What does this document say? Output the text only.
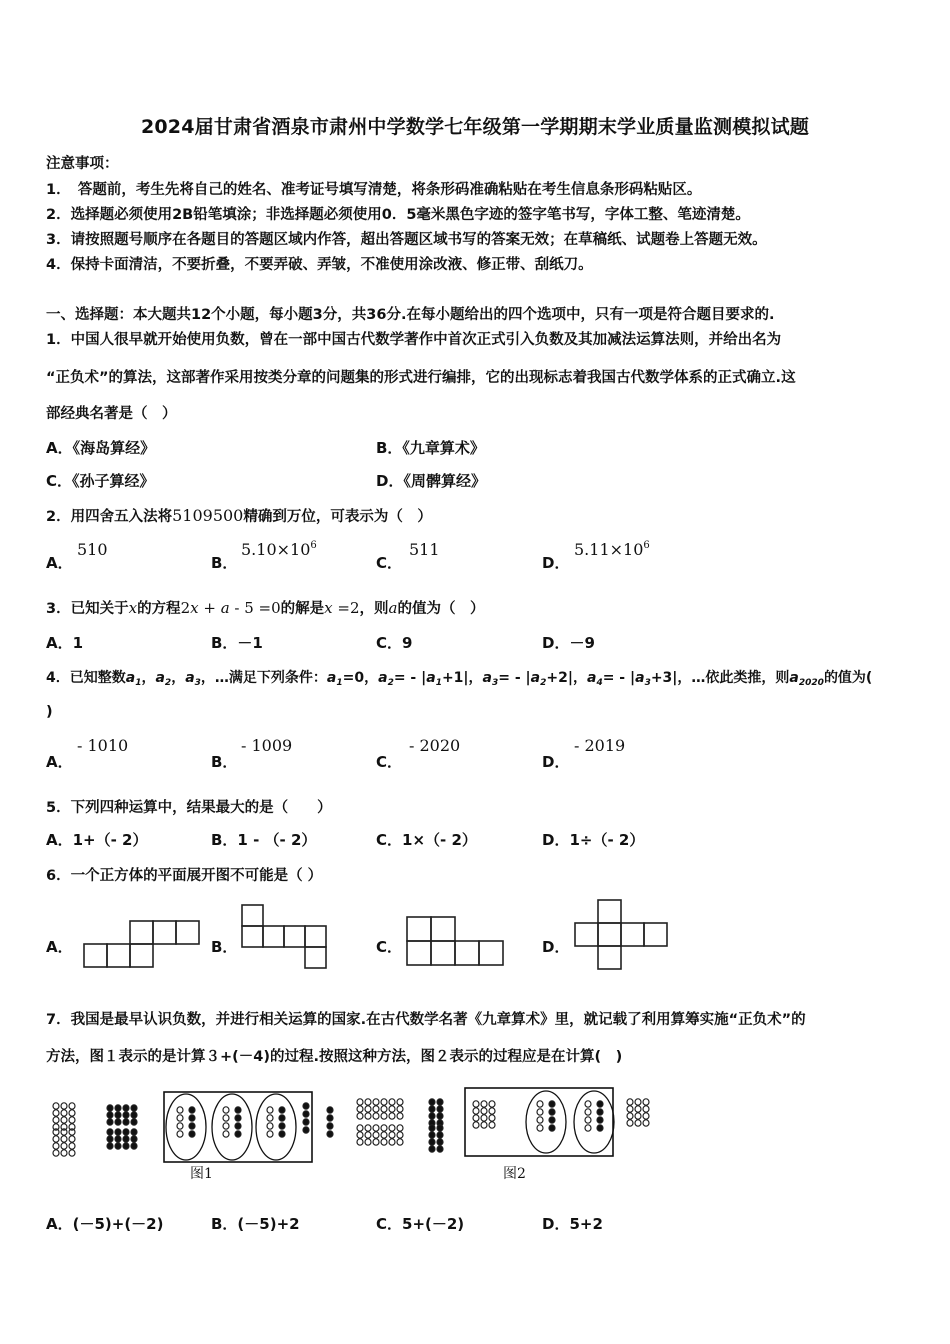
2024届甘肃省酒泉市肃州中学数学七年级第一学期期末学业质量监测模拟试题
注意事项：
1．　答题前，考生先将自己的姓名、准考证号填写清楚，将条形码准确粘贴在考生信息条形码粘贴区。
2．选择题必须使用2B铅笔填涂；非选择题必须使用0．5毫米黑色字迹的签字笔书写，字体工整、笔迹清楚。
3．请按照题号顺序在各题目的答题区域内作答，超出答题区域书写的答案无效；在草稿纸、试题卷上答题无效。
4．保持卡面清洁，不要折叠，不要弄破、弄皱，不准使用涂改液、修正带、刮纸刀。
一、选择题：本大题共12个小题，每小题3分，共36分.在每小题给出的四个选项中，只有一项是符合题目要求的.
1．中国人很早就开始使用负数，曾在一部中国古代数学著作中首次正式引入负数及其加减法运算法则，并给出名为
“正负术”的算法，这部著作采用按类分章的问题集的形式进行编排，它的出现标志着我国古代数学体系的正式确立.这
部经典名著是（　）
A．《海岛算经》	B．《九章算术》
C．《孙子算经》	D．《周髀算经》
2．用四舍五入法将5109500精确到万位，可表示为（　）
A．
510
B．
$5.10\times 10^6$
C．
511
D．
$5.11\times 10^6$
3．已知关于x的方程2x + a - 5 =0的解是x =2，则a的值为（　）
A．1	B．－1	C．9	D．－9
4．已知整数$a_1$，$a_2$，$a_3$，…满足下列条件：$a_1=0$，$a_2= - |a_1+1|$，$a_3= - |a_2+2|$，$a_4= - |a_3+3|$，…依此类推，则$a_{2020}$的值为(
)
A．
- 1010
B．
- 1009
C．
- 2020
D．
- 2019
5．下列四种运算中，结果最大的是（　　）
A．1+（- 2）	B．1 - （- 2）	C．1×（- 2）	D．1÷（- 2）
6．一个正方体的平面展开图不可能是（ ）
A．	B．	C．	D．
7．我国是最早认识负数，并进行相关运算的国家.在古代数学名著《九章算术》里，就记载了利用算筹实施“正负术”的
方法，图１表示的是计算３+(－4)的过程.按照这种方法，图２表示的过程应是在计算(　)
图1	图2
A．(－5)+(－2)	B．(－5)+2	C．5+(－2)	D．5+2
